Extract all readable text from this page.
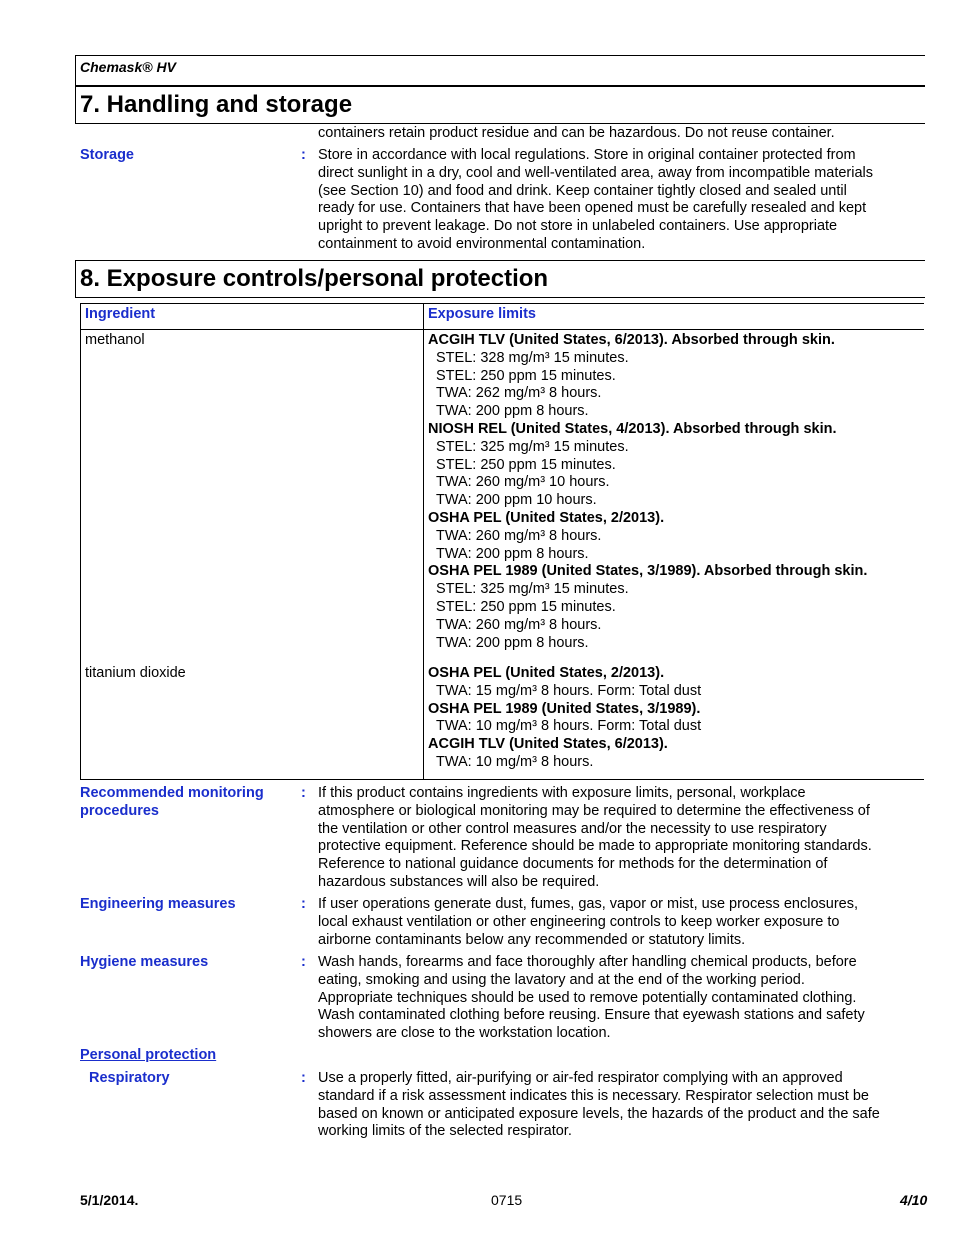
Chemask® HV
7. Handling and storage
containers retain product residue and can be hazardous. Do not reuse container.
Storage	: Store in accordance with local regulations. Store in original container protected from
direct sunlight in a dry, cool and well-ventilated area, away from incompatible materials
(see Section 10) and food and drink. Keep container tightly closed and sealed until
ready for use. Containers that have been opened must be carefully resealed and kept
upright to prevent leakage. Do not store in unlabeled containers. Use appropriate
containment to avoid environmental contamination.
8. Exposure controls/personal protection
Ingredient	Exposure limits
methanol	ACGIH TLV (United States, 6/2013). Absorbed through skin.
STEL: 328 mg/m³ 15 minutes.
STEL: 250 ppm 15 minutes.
TWA: 262 mg/m³ 8 hours.
TWA: 200 ppm 8 hours.
NIOSH REL (United States, 4/2013). Absorbed through skin.
STEL: 325 mg/m³ 15 minutes.
STEL: 250 ppm 15 minutes.
TWA: 260 mg/m³ 10 hours.
TWA: 200 ppm 10 hours.
OSHA PEL (United States, 2/2013).
TWA: 260 mg/m³ 8 hours.
TWA: 200 ppm 8 hours.
OSHA PEL 1989 (United States, 3/1989). Absorbed through skin.
STEL: 325 mg/m³ 15 minutes.
STEL: 250 ppm 15 minutes.
TWA: 260 mg/m³ 8 hours.
TWA: 200 ppm 8 hours.
titanium dioxide	OSHA PEL (United States, 2/2013).
TWA: 15 mg/m³ 8 hours. Form: Total dust
OSHA PEL 1989 (United States, 3/1989).
TWA: 10 mg/m³ 8 hours. Form: Total dust
ACGIH TLV (United States, 6/2013).
TWA: 10 mg/m³ 8 hours.
Recommended monitoring
procedures
: If this product contains ingredients with exposure limits, personal, workplace
atmosphere or biological monitoring may be required to determine the effectiveness of
the ventilation or other control measures and/or the necessity to use respiratory
protective equipment. Reference should be made to appropriate monitoring standards.
Reference to national guidance documents for methods for the determination of
hazardous substances will also be required.
Engineering measures	: If user operations generate dust, fumes, gas, vapor or mist, use process enclosures,
local exhaust ventilation or other engineering controls to keep worker exposure to
airborne contaminants below any recommended or statutory limits.
Hygiene measures	: Wash hands, forearms and face thoroughly after handling chemical products, before
eating, smoking and using the lavatory and at the end of the working period.
Appropriate techniques should be used to remove potentially contaminated clothing.
Wash contaminated clothing before reusing. Ensure that eyewash stations and safety
showers are close to the workstation location.
Personal protection
Respiratory	: Use a properly fitted, air-purifying or air-fed respirator complying with an approved
standard if a risk assessment indicates this is necessary. Respirator selection must be
based on known or anticipated exposure levels, the hazards of the product and the safe
working limits of the selected respirator.
5/1/2014.	0715	4/10
